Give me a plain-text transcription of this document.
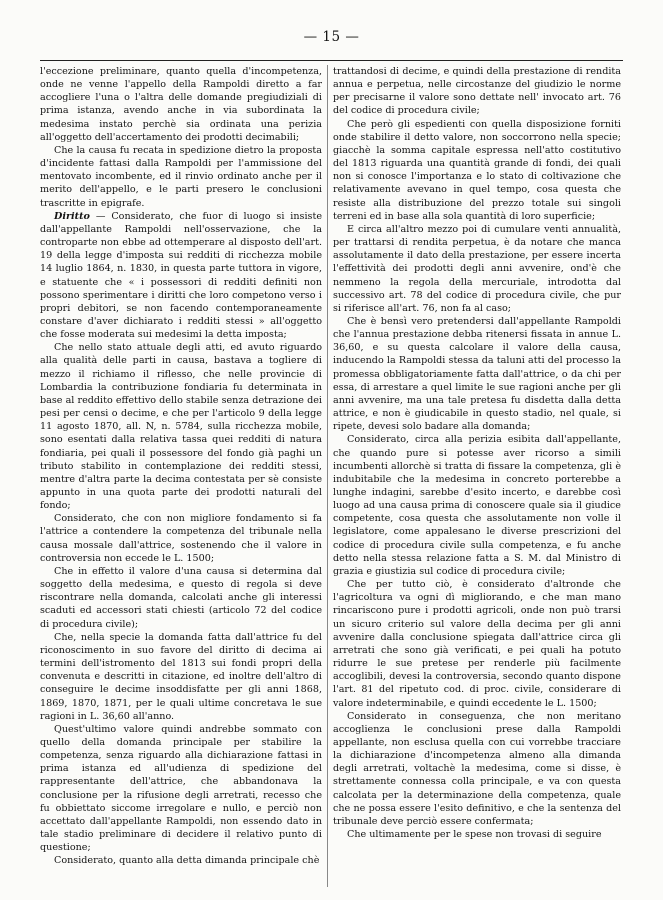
— 15 —

l'eccezione preliminare, quanto quella d'incompetenza, onde ne venne l'appello della Rampoldi diretto a far accogliere l'una o l'altra delle domande pregiudiziali di prima istanza, avendo anche in via subordinata la medesima instato perchè sia ordinata una perizia all'oggetto dell'accertamento dei prodotti decimabili;

Che la causa fu recata in spedizione dietro la proposta d'incidente fattasi dalla Rampoldi per l'ammissione del mentovato incombente, ed il rinvio ordinato anche per il merito dell'appello, e le parti presero le conclusioni trascritte in epigrafe.

Diritto — Considerato, che fuor di luogo si insiste dall'appellante Rampoldi nell'osservazione, che la controparte non ebbe ad ottemperare al disposto dell'art. 19 della legge d'imposta sui redditi di ricchezza mobile 14 luglio 1864, n. 1830, in questa parte tuttora in vigore, e statuente che « i possessori di redditi definiti non possono sperimentare i diritti che loro competono verso i propri debitori, se non facendo contemporaneamente constare d'aver dichiarato i redditi stessi » all'oggetto che fosse moderata sui medesimi la detta imposta;

Che nello stato attuale degli atti, ed avuto riguardo alla qualità delle parti in causa, bastava a togliere di mezzo il richiamo il riflesso, che nelle provincie di Lombardia la contribuzione fondiaria fu determinata in base al reddito effettivo dello stabile senza detrazione dei pesi per censi o decime, e che per l'articolo 9 della legge 11 agosto 1870, all. N, n. 5784, sulla ricchezza mobile, sono esentati dalla relativa tassa quei redditi di natura fondiaria, pei quali il possessore del fondo già paghi un tributo stabilito in contemplazione dei redditi stessi, mentre d'altra parte la decima contestata per sè consiste appunto in una quota parte dei prodotti naturali del fondo;

Considerato, che con non migliore fondamento si fa l'attrice a contendere la competenza del tribunale nella causa mossale dall'attrice, sostenendo che il valore in controversia non eccede le L. 1500;

Che in effetto il valore d'una causa si determina dal soggetto della medesima, e questo di regola si deve riscontrare nella domanda, calcolati anche gli interessi scaduti ed accessori stati chiesti (articolo 72 del codice di procedura civile);

Che, nella specie la domanda fatta dall'attrice fu del riconoscimento in suo favore del diritto di decima ai termini dell'istromento del 1813 sui fondi propri della convenuta e descritti in citazione, ed inoltre dell'altro di conseguire le decime insoddisfatte per gli anni 1868, 1869, 1870, 1871, per le quali ultime concretava le sue ragioni in L. 36,60 all'anno.

Quest'ultimo valore quindi andrebbe sommato con quello della domanda principale per stabilire la competenza, senza riguardo alla dichiarazione fattasi in prima istanza ed all'udienza di spedizione del rappresentante dell'attrice, che abbandonava la conclusione per la rifusione degli arretrati, recesso che fu obbiettato siccome irregolare e nullo, e perciò non accettato dall'appellante Rampoldi, non essendo dato in tale stadio preliminare di decidere il relativo punto di questione;

Considerato, quanto alla detta dimanda principale chè

trattandosi di decime, e quindi della prestazione di rendita annua e perpetua, nelle circostanze del giudizio le norme per precisarne il valore sono dettate nell' invocato art. 76 del codice di procedura civile;

Che però gli espedienti con quella disposizione forniti onde stabilire il detto valore, non soccorrono nella specie; giacchè la somma capitale espressa nell'atto costitutivo del 1813 riguarda una quantità grande di fondi, dei quali non si conosce l'importanza e lo stato di coltivazione che relativamente avevano in quel tempo, cosa questa che resiste alla distribuzione del prezzo totale sui singoli terreni ed in base alla sola quantità di loro superficie;

E circa all'altro mezzo poi di cumulare venti annualità, per trattarsi di rendita perpetua, è da notare che manca assolutamente il dato della prestazione, per essere incerta l'effettività dei prodotti degli anni avvenire, ond'è che nemmeno la regola della mercuriale, introdotta dal successivo art. 78 del codice di procedura civile, che pur si riferisce all'art. 76, non fa al caso;

Che è bensì vero pretendersi dall'appellante Rampoldi che l'annua prestazione debba ritenersi fissata in annue L. 36,60, e su questa calcolare il valore della causa, inducendo la Rampoldi stessa da taluni atti del processo la promessa obbligatoriamente fatta dall'attrice, o da chi per essa, di arrestare a quel limite le sue ragioni anche per gli anni avvenire, ma una tale pretesa fu disdetta dalla detta attrice, e non è giudicabile in questo stadio, nel quale, si ripete, devesi solo badare alla domanda;

Considerato, circa alla perizia esibita dall'appellante, che quando pure si potesse aver ricorso a simili incumbenti allorchè si tratta di fissare la competenza, gli è indubitabile che la medesima in concreto porterebbe a lunghe indagini, sarebbe d'esito incerto, e darebbe così luogo ad una causa prima di conoscere quale sia il giudice competente, cosa questa che assolutamente non volle il legislatore, come appalesano le diverse prescrizioni del codice di procedura civile sulla competenza, e fu anche detto nella stessa relazione fatta a S. M. dal Ministro di grazia e giustizia sul codice di procedura civile;

Che per tutto ciò, è considerato d'altronde che l'agricoltura va ogni dì migliorando, e che man mano rincariscono pure i prodotti agricoli, onde non può trarsi un sicuro criterio sul valore della decima per gli anni avvenire dalla conclusione spiegata dall'attrice circa gli arretrati che sono già verificati, e pei quali ha potuto ridurre le sue pretese per renderle più facilmente accoglibili, devesi la controversia, secondo quanto dispone l'art. 81 del ripetuto cod. di proc. civile, considerare di valore indeterminabile, e quindi eccedente le L. 1500;

Considerato in conseguenza, che non meritano accoglienza le conclusioni prese dalla Rampoldi appellante, non esclusa quella con cui vorrebbe tracciare la dichiarazione d'incompetenza almeno alla dimanda degli arretrati, voltachè la medesima, come si disse, è strettamente connessa colla principale, e va con questa calcolata per la determinazione della competenza, quale che ne possa essere l'esito definitivo, e che la sentenza del tribunale deve perciò essere confermata;

Che ultimamente per le spese non trovasi di seguire
